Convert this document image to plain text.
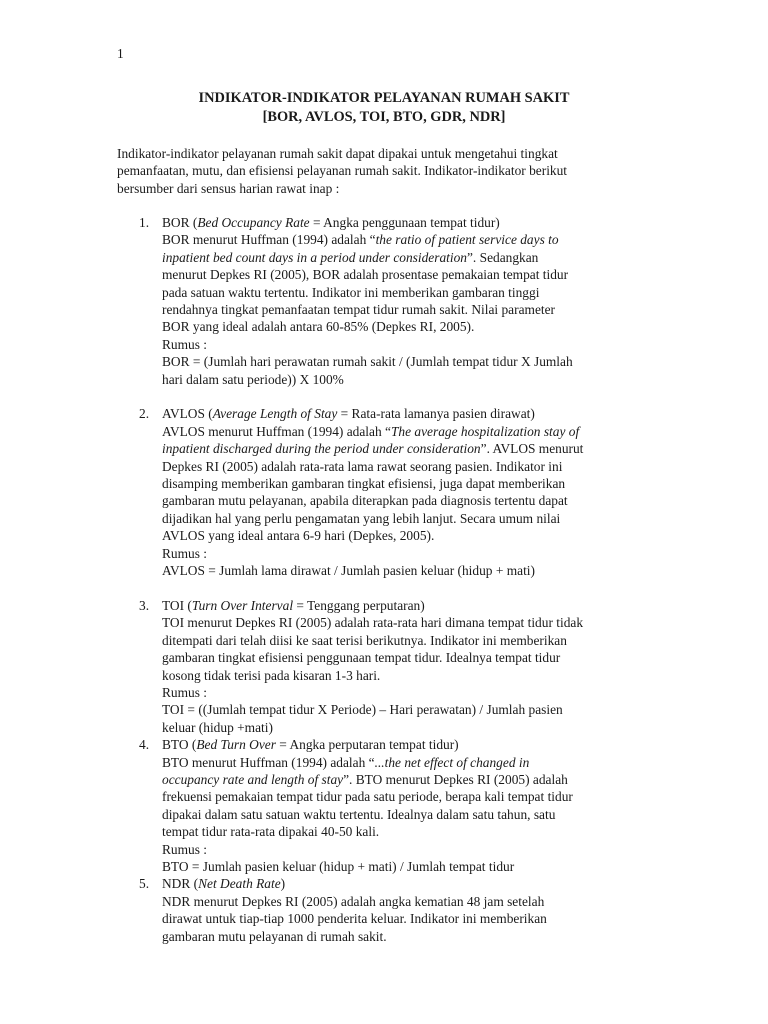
1
INDIKATOR-INDIKATOR PELAYANAN RUMAH SAKIT
[BOR, AVLOS, TOI, BTO, GDR, NDR]
Indikator-indikator pelayanan rumah sakit dapat dipakai untuk mengetahui tingkat
pemanfaatan, mutu, dan efisiensi pelayanan rumah sakit. Indikator-indikator berikut
bersumber dari sensus harian rawat inap :
1. BOR (Bed Occupancy Rate = Angka penggunaan tempat tidur)
BOR menurut Huffman (1994) adalah “the ratio of patient service days to
inpatient bed count days in a period under consideration”. Sedangkan
menurut Depkes RI (2005), BOR adalah prosentase pemakaian tempat tidur
pada satuan waktu tertentu. Indikator ini memberikan gambaran tinggi
rendahnya tingkat pemanfaatan tempat tidur rumah sakit. Nilai parameter
BOR yang ideal adalah antara 60-85% (Depkes RI, 2005).
Rumus :
BOR = (Jumlah hari perawatan rumah sakit / (Jumlah tempat tidur X Jumlah
hari dalam satu periode)) X 100%
2. AVLOS (Average Length of Stay = Rata-rata lamanya pasien dirawat)
AVLOS menurut Huffman (1994) adalah “The average hospitalization stay of
inpatient discharged during the period under consideration”. AVLOS menurut
Depkes RI (2005) adalah rata-rata lama rawat seorang pasien. Indikator ini
disamping memberikan gambaran tingkat efisiensi, juga dapat memberikan
gambaran mutu pelayanan, apabila diterapkan pada diagnosis tertentu dapat
dijadikan hal yang perlu pengamatan yang lebih lanjut. Secara umum nilai
AVLOS yang ideal antara 6-9 hari (Depkes, 2005).
Rumus :
AVLOS = Jumlah lama dirawat / Jumlah pasien keluar (hidup + mati)
3. TOI (Turn Over Interval = Tenggang perputaran)
TOI menurut Depkes RI (2005) adalah rata-rata hari dimana tempat tidur tidak
ditempati dari telah diisi ke saat terisi berikutnya. Indikator ini memberikan
gambaran tingkat efisiensi penggunaan tempat tidur. Idealnya tempat tidur
kosong tidak terisi pada kisaran 1-3 hari.
Rumus :
TOI = ((Jumlah tempat tidur X Periode) – Hari perawatan) / Jumlah pasien
keluar (hidup +mati)
4. BTO (Bed Turn Over = Angka perputaran tempat tidur)
BTO menurut Huffman (1994) adalah “...the net effect of changed in
occupancy rate and length of stay”. BTO menurut Depkes RI (2005) adalah
frekuensi pemakaian tempat tidur pada satu periode, berapa kali tempat tidur
dipakai dalam satu satuan waktu tertentu. Idealnya dalam satu tahun, satu
tempat tidur rata-rata dipakai 40-50 kali.
Rumus :
BTO = Jumlah pasien keluar (hidup + mati) / Jumlah tempat tidur
5. NDR (Net Death Rate)
NDR menurut Depkes RI (2005) adalah angka kematian 48 jam setelah
dirawat untuk tiap-tiap 1000 penderita keluar. Indikator ini memberikan
gambaran mutu pelayanan di rumah sakit.
